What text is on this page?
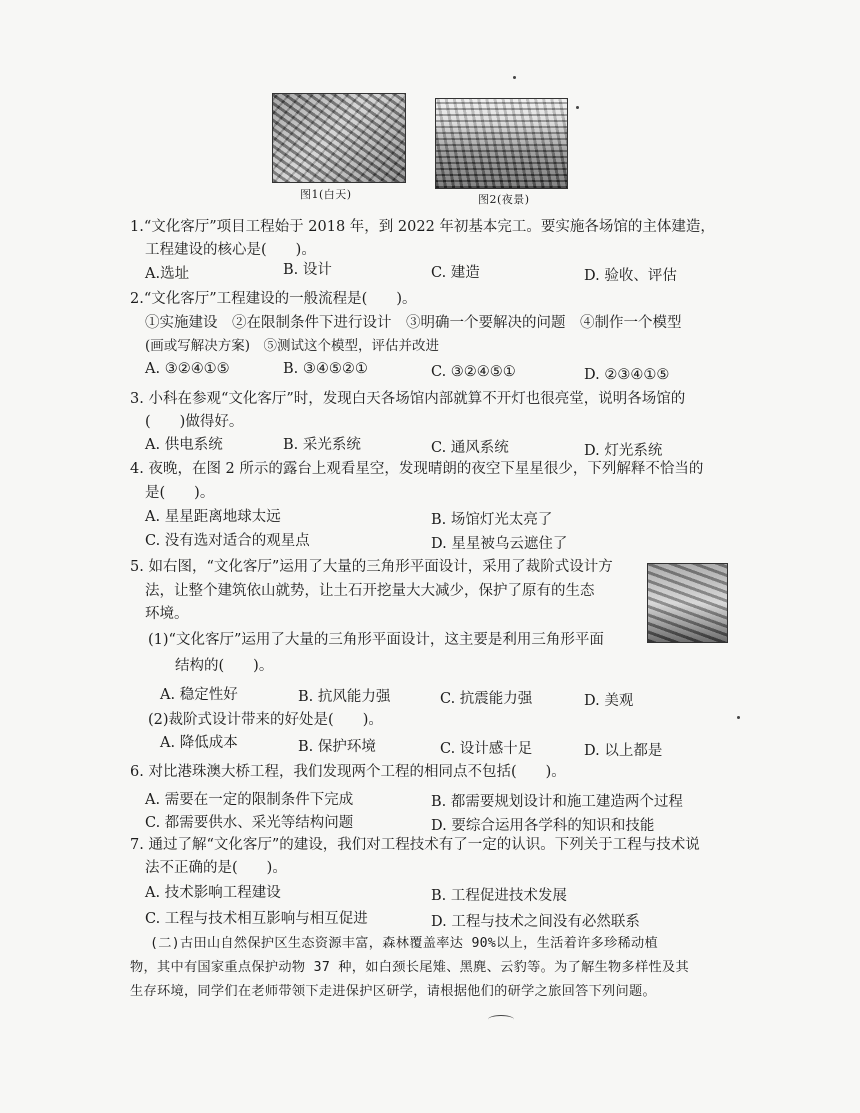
图1(白天)	图2(夜景)
1.“文化客厅”项目工程始于 2018 年，到 2022 年初基本完工。要实施各场馆的主体建造，
工程建设的核心是(　　)。
A.选址	B. 设计	C. 建造	D. 验收、评估
2.“文化客厅”工程建设的一般流程是(　　)。
①实施建设　②在限制条件下进行设计　③明确一个要解决的问题　④制作一个模型
(画或写解决方案)　⑤测试这个模型，评估并改进
A. ③②④①⑤	B. ③④⑤②①	C. ③②④⑤①	D. ②③④①⑤
3. 小科在参观“文化客厅”时，发现白天各场馆内部就算不开灯也很亮堂，说明各场馆的
(　　)做得好。
A. 供电系统	B. 采光系统	C. 通风系统	D. 灯光系统
4. 夜晚，在图 2 所示的露台上观看星空，发现晴朗的夜空下星星很少，下列解释不恰当的
是(　　)。
A. 星星距离地球太远	B. 场馆灯光太亮了
C. 没有选对适合的观星点	D. 星星被乌云遮住了
5. 如右图，“文化客厅”运用了大量的三角形平面设计，采用了裁阶式设计方
法，让整个建筑依山就势，让土石开挖量大大减少，保护了原有的生态
环境。
(1)“文化客厅”运用了大量的三角形平面设计，这主要是利用三角形平面
结构的(　　)。
A. 稳定性好	B. 抗风能力强	C. 抗震能力强	D. 美观
(2)裁阶式设计带来的好处是(　　)。
A. 降低成本	B. 保护环境	C. 设计感十足	D. 以上都是
6. 对比港珠澳大桥工程，我们发现两个工程的相同点不包括(　　)。
A. 需要在一定的限制条件下完成	B. 都需要规划设计和施工建造两个过程
C. 都需要供水、采光等结构问题	D. 要综合运用各学科的知识和技能
7. 通过了解“文化客厅”的建设，我们对工程技术有了一定的认识。下列关于工程与技术说
法不正确的是(　　)。
A. 技术影响工程建设	B. 工程促进技术发展
C. 工程与技术相互影响与相互促进	D. 工程与技术之间没有必然联系
(二)古田山自然保护区生态资源丰富，森林覆盖率达 90%以上，生活着许多珍稀动植
物，其中有国家重点保护动物 37 种，如白颈长尾雉、黑麂、云豹等。为了解生物多样性及其
生存环境，同学们在老师带领下走进保护区研学，请根据他们的研学之旅回答下列问题。
